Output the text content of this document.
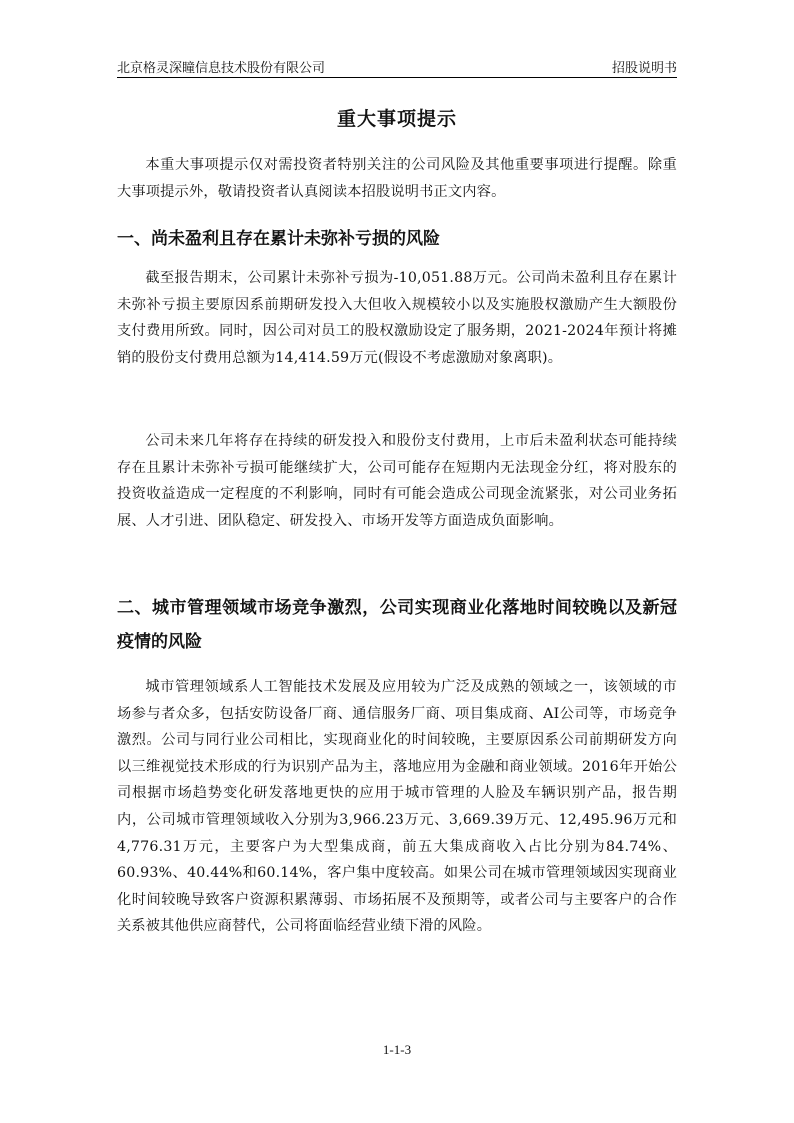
北京格灵深瞳信息技术股份有限公司	招股说明书
重大事项提示

本重大事项提示仅对需投资者特别关注的公司风险及其他重要事项进行提醒。除重大事项提示外，敬请投资者认真阅读本招股说明书正文内容。

一、尚未盈利且存在累计未弥补亏损的风险

截至报告期末，公司累计未弥补亏损为-10,051.88万元。公司尚未盈利且存在累计未弥补亏损主要原因系前期研发投入大但收入规模较小以及实施股权激励产生大额股份支付费用所致。同时，因公司对员工的股权激励设定了服务期，2021-2024年预计将摊销的股份支付费用总额为14,414.59万元(假设不考虑激励对象离职)。

公司未来几年将存在持续的研发投入和股份支付费用，上市后未盈利状态可能持续存在且累计未弥补亏损可能继续扩大，公司可能存在短期内无法现金分红，将对股东的投资收益造成一定程度的不利影响，同时有可能会造成公司现金流紧张，对公司业务拓展、人才引进、团队稳定、研发投入、市场开发等方面造成负面影响。

二、城市管理领域市场竞争激烈，公司实现商业化落地时间较晚以及新冠疫情的风险

城市管理领域系人工智能技术发展及应用较为广泛及成熟的领域之一，该领域的市场参与者众多，包括安防设备厂商、通信服务厂商、项目集成商、AI公司等，市场竞争激烈。公司与同行业公司相比，实现商业化的时间较晚，主要原因系公司前期研发方向以三维视觉技术形成的行为识别产品为主，落地应用为金融和商业领域。2016年开始公司根据市场趋势变化研发落地更快的应用于城市管理的人脸及车辆识别产品，报告期内，公司城市管理领域收入分别为3,966.23万元、3,669.39万元、12,495.96万元和4,776.31万元，主要客户为大型集成商，前五大集成商收入占比分别为84.74%、60.93%、40.44%和60.14%，客户集中度较高。如果公司在城市管理领域因实现商业化时间较晚导致客户资源积累薄弱、市场拓展不及预期等，或者公司与主要客户的合作关系被其他供应商替代，公司将面临经营业绩下滑的风险。

1-1-3
